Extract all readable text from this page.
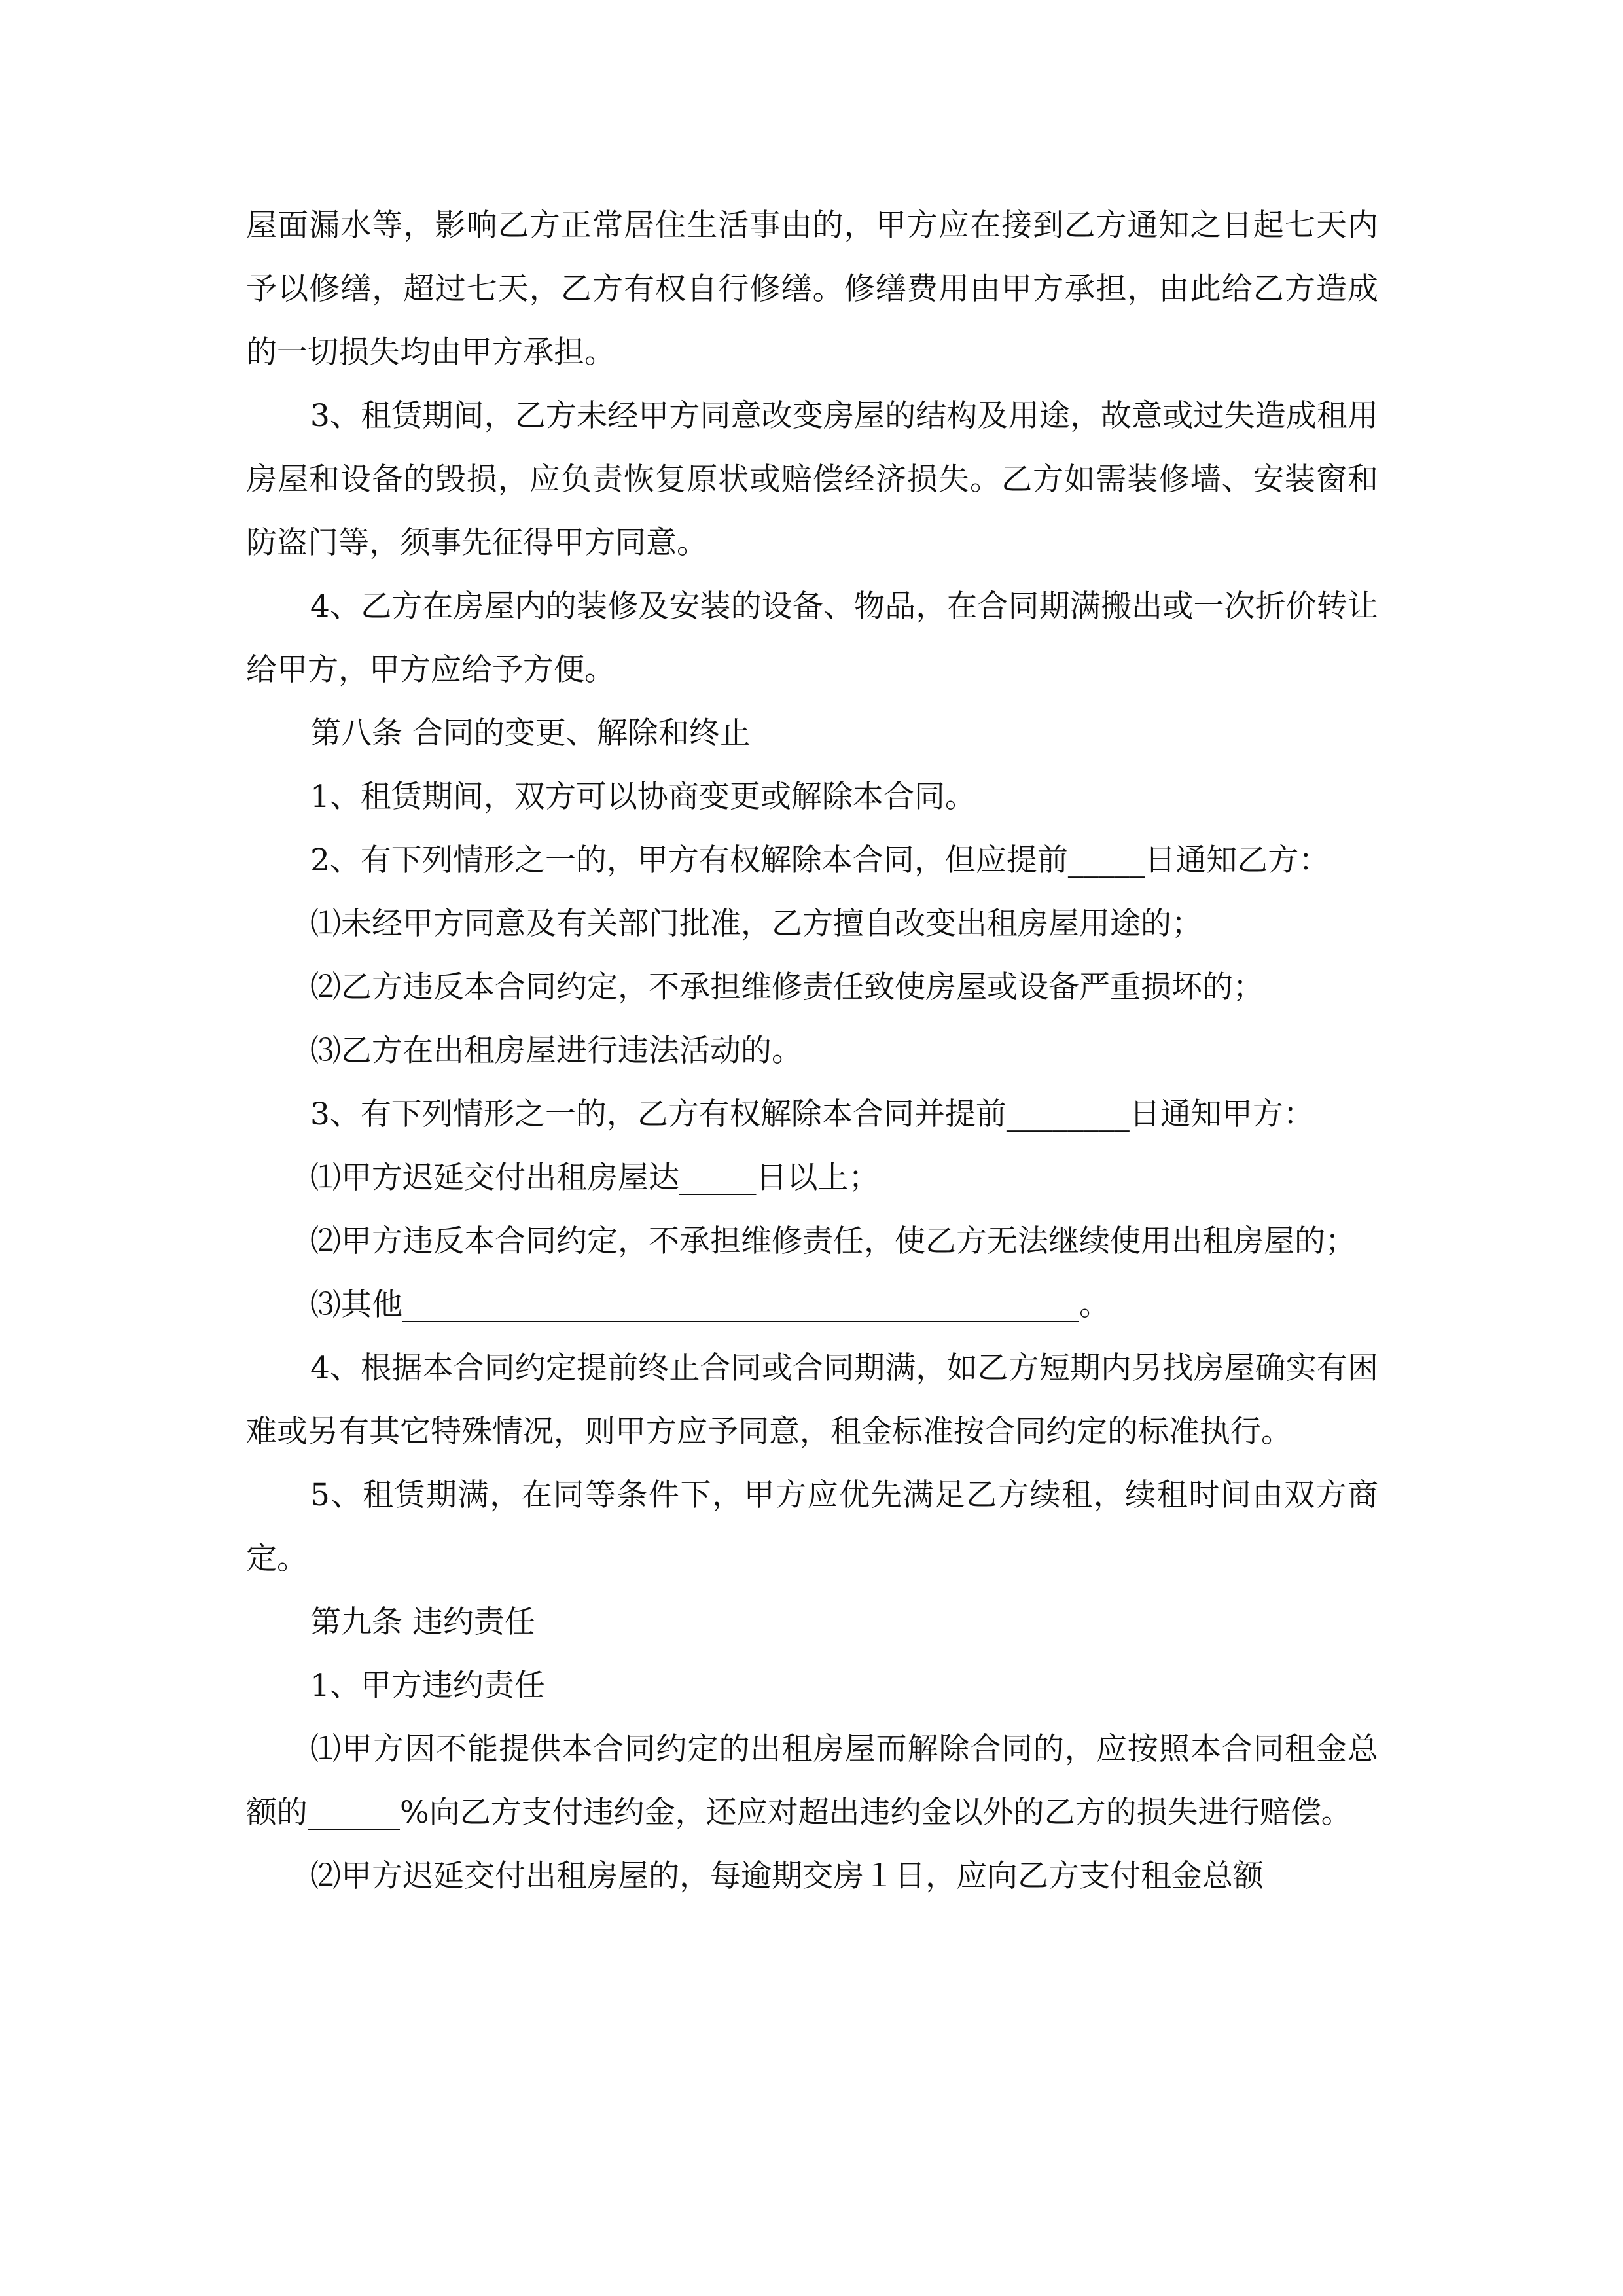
屋面漏水等，影响乙方正常居住生活事由的，甲方应在接到乙方通知之日起七天内予以修缮，超过七天，乙方有权自行修缮。修缮费用由甲方承担，由此给乙方造成的一切损失均由甲方承担。

3、租赁期间，乙方未经甲方同意改变房屋的结构及用途，故意或过失造成租用房屋和设备的毁损，应负责恢复原状或赔偿经济损失。乙方如需装修墙、安装窗和防盗门等，须事先征得甲方同意。

4、乙方在房屋内的装修及安装的设备、物品，在合同期满搬出或一次折价转让给甲方，甲方应给予方便。

第八条 合同的变更、解除和终止

1、租赁期间，双方可以协商变更或解除本合同。

2、有下列情形之一的，甲方有权解除本合同，但应提前_____日通知乙方：

⑴未经甲方同意及有关部门批准，乙方擅自改变出租房屋用途的；

⑵乙方违反本合同约定，不承担维修责任致使房屋或设备严重损坏的；

⑶乙方在出租房屋进行违法活动的。

3、有下列情形之一的，乙方有权解除本合同并提前________日通知甲方：

⑴甲方迟延交付出租房屋达_____日以上；

⑵甲方违反本合同约定，不承担维修责任，使乙方无法继续使用出租房屋的；

⑶其他____________________________________________。

4、根据本合同约定提前终止合同或合同期满，如乙方短期内另找房屋确实有困难或另有其它特殊情况，则甲方应予同意，租金标准按合同约定的标准执行。

5、租赁期满，在同等条件下，甲方应优先满足乙方续租，续租时间由双方商定。

第九条 违约责任

1、甲方违约责任

⑴甲方因不能提供本合同约定的出租房屋而解除合同的，应按照本合同租金总额的______%向乙方支付违约金，还应对超出违约金以外的乙方的损失进行赔偿。

⑵甲方迟延交付出租房屋的，每逾期交房１日，应向乙方支付租金总额
